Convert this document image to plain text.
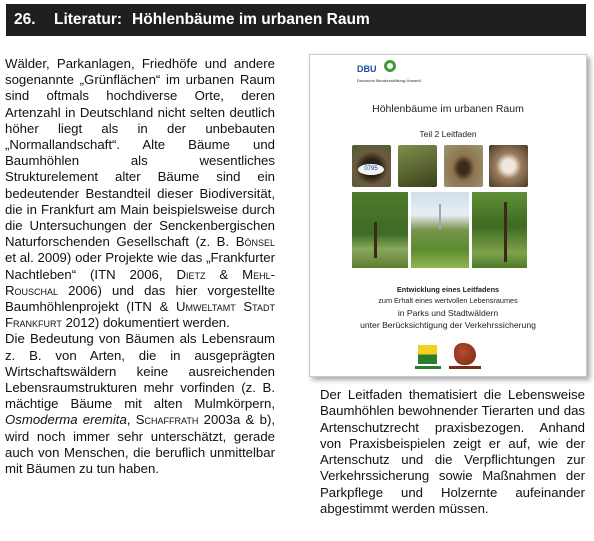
26.	Literatur: Höhlenbäume im urbanen Raum

Wälder, Parkanlagen, Friedhöfe und andere sogenannte „Grünflächen“ im urbanen Raum sind oftmals hochdiverse Orte, deren Artenzahl in Deutschland nicht selten deutlich höher liegt als in der unbebauten „Normallandschaft“. Alte Bäume und Baumhöhlen als wesentliches Strukturelement alter Bäume sind ein bedeutender Bestandteil dieser Biodiversität, die in Frankfurt am Main beispielsweise durch die Untersuchungen der Senckenbergischen Naturforschenden Gesellschaft (z. B. Bönsel et al. 2009) oder Projekte wie das „Frankfurter Nachtleben“ (ITN 2006, Dietz & Mehl-Rouschal 2006) und das hier vorgestellte Baumhöhlenprojekt (ITN & Umweltamt Stadt Frankfurt 2012) dokumentiert werden.

Die Bedeutung von Bäumen als Lebensraum z. B. von Arten, die in ausgeprägten Wirtschaftswäldern keine ausreichenden Lebensraumstrukturen mehr vorfinden (z. B. mächtige Bäume mit alten Mulmkörpern, Osmoderma eremita, Schaffrath 2003a & b), wird noch immer sehr unterschätzt, gerade auch von Menschen, die beruflich unmittelbar mit Bäumen zu tun haben.

DBU
Deutsche Bundesstiftung Umwelt
Höhlenbäume im urbanen Raum
Teil 2 Leitfaden
0795
Entwicklung eines Leitfadens
zum Erhalt eines wertvollen Lebensraumes
in Parks und Stadtwäldern
unter Berücksichtigung der Verkehrssicherung

Der Leitfaden thematisiert die Lebensweise Baumhöhlen bewohnender Tierarten und das Artenschutzrecht praxisbezogen. Anhand von Praxisbeispielen zeigt er auf, wie der Artenschutz und die Verpflichtungen zur Verkehrssicherung sowie Maßnahmen der Parkpflege und Holzernte aufeinander abgestimmt werden müssen.
